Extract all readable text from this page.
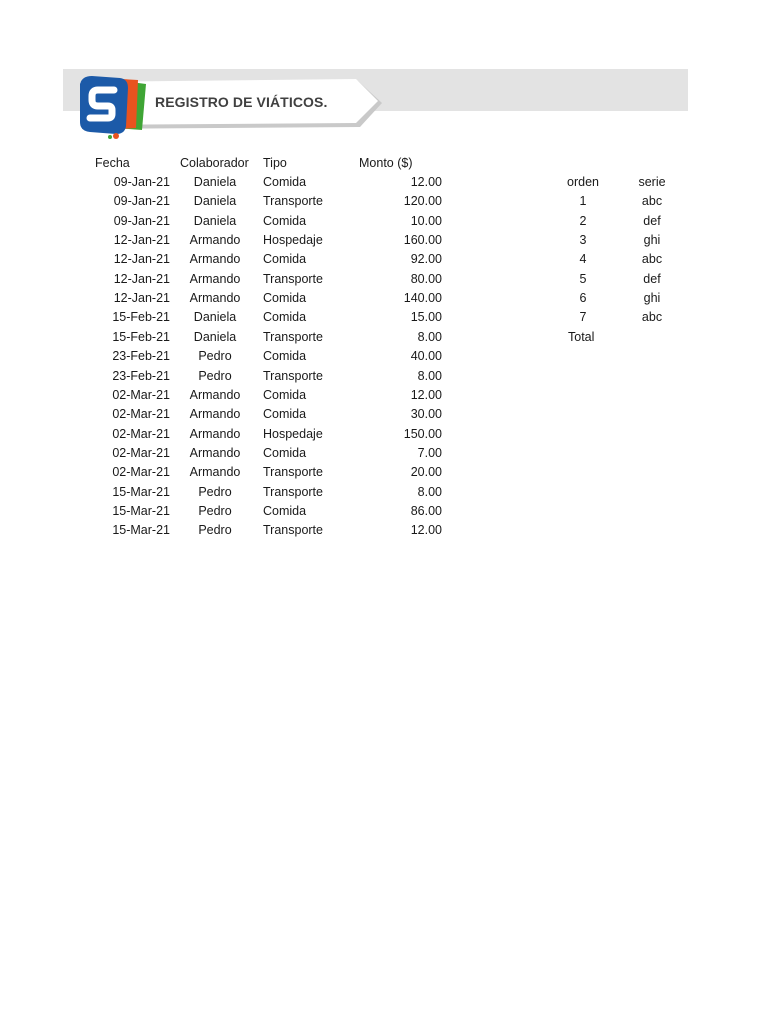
REGISTRO DE VIÁTICOS.
Fecha	Colaborador Tipo	Monto ($)
09-Jan-21	Daniela	Comida	12.00
09-Jan-21	Daniela	Transporte	120.00
09-Jan-21	Daniela	Comida	10.00
12-Jan-21	Armando	Hospedaje	160.00
12-Jan-21	Armando	Comida	92.00
12-Jan-21	Armando	Transporte	80.00
12-Jan-21	Armando	Comida	140.00
15-Feb-21	Daniela	Comida	15.00
15-Feb-21	Daniela	Transporte	8.00
23-Feb-21	Pedro	Comida	40.00
23-Feb-21	Pedro	Transporte	8.00
02-Mar-21	Armando	Comida	12.00
02-Mar-21	Armando	Comida	30.00
02-Mar-21	Armando	Hospedaje	150.00
02-Mar-21	Armando	Comida	7.00
02-Mar-21	Armando	Transporte	20.00
15-Mar-21	Pedro	Transporte	8.00
15-Mar-21	Pedro	Comida	86.00
15-Mar-21	Pedro	Transporte	12.00
orden	serie
1	abc
2	def
3	ghi
4	abc
5	def
6	ghi
7	abc
Total
